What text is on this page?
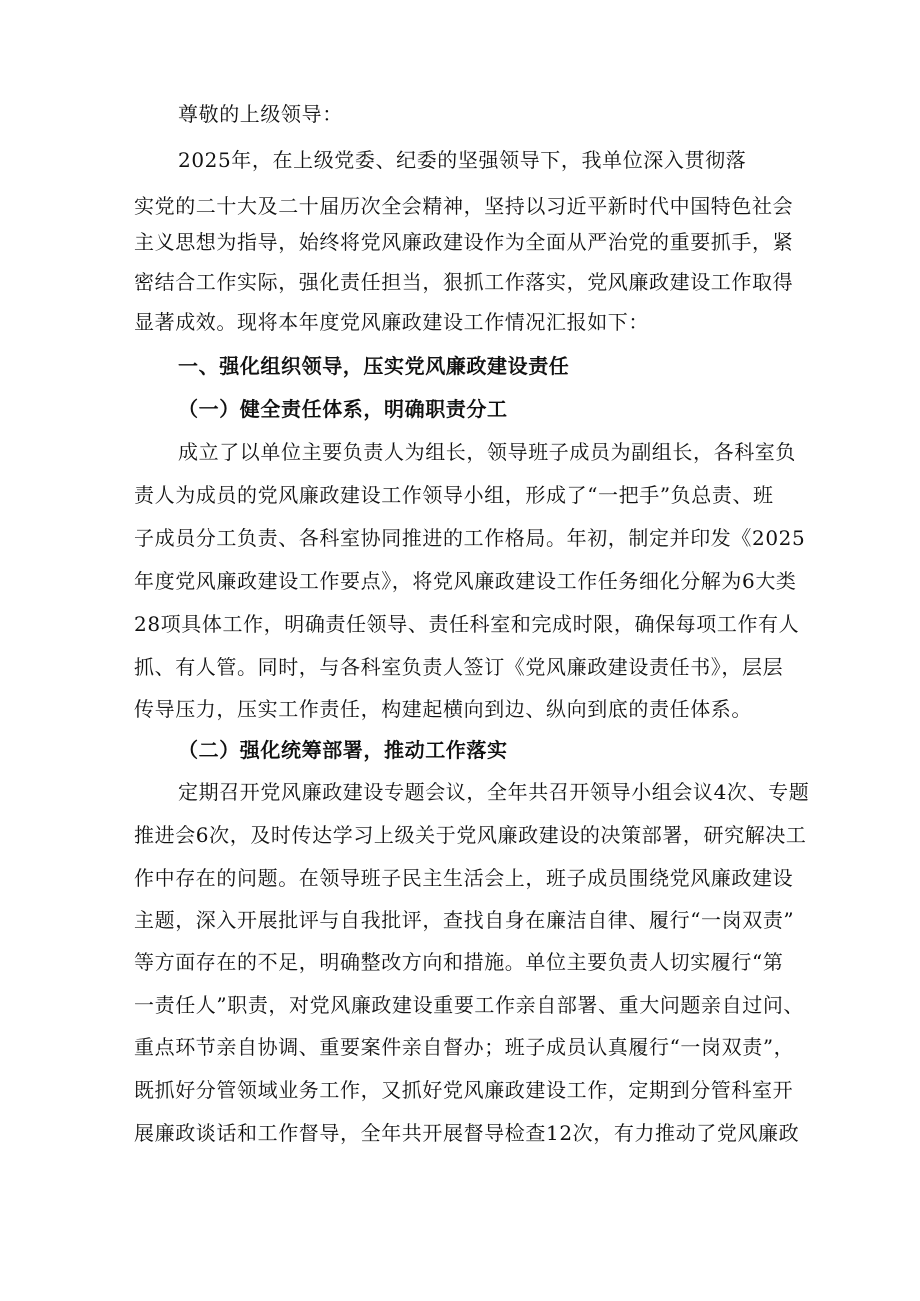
尊敬的上级领导：
2025年，在上级党委、纪委的坚强领导下，我单位深入贯彻落
实党的二十大及二十届历次全会精神，坚持以习近平新时代中国特色社会
主义思想为指导，始终将党风廉政建设作为全面从严治党的重要抓手，紧
密结合工作实际，强化责任担当，狠抓工作落实，党风廉政建设工作取得
显著成效。现将本年度党风廉政建设工作情况汇报如下：
一、强化组织领导，压实党风廉政建设责任
（一）健全责任体系，明确职责分工
成立了以单位主要负责人为组长，领导班子成员为副组长，各科室负
责人为成员的党风廉政建设工作领导小组，形成了“一把手”负总责、班
子成员分工负责、各科室协同推进的工作格局。年初，制定并印发《2025
年度党风廉政建设工作要点》，将党风廉政建设工作任务细化分解为6大类
28项具体工作，明确责任领导、责任科室和完成时限，确保每项工作有人
抓、有人管。同时，与各科室负责人签订《党风廉政建设责任书》，层层
传导压力，压实工作责任，构建起横向到边、纵向到底的责任体系。
（二）强化统筹部署，推动工作落实
定期召开党风廉政建设专题会议，全年共召开领导小组会议4次、专题
推进会6次，及时传达学习上级关于党风廉政建设的决策部署，研究解决工
作中存在的问题。在领导班子民主生活会上，班子成员围绕党风廉政建设
主题，深入开展批评与自我批评，查找自身在廉洁自律、履行“一岗双责”
等方面存在的不足，明确整改方向和措施。单位主要负责人切实履行“第
一责任人”职责，对党风廉政建设重要工作亲自部署、重大问题亲自过问、
重点环节亲自协调、重要案件亲自督办；班子成员认真履行“一岗双责”，
既抓好分管领域业务工作，又抓好党风廉政建设工作，定期到分管科室开
展廉政谈话和工作督导，全年共开展督导检查12次，有力推动了党风廉政
